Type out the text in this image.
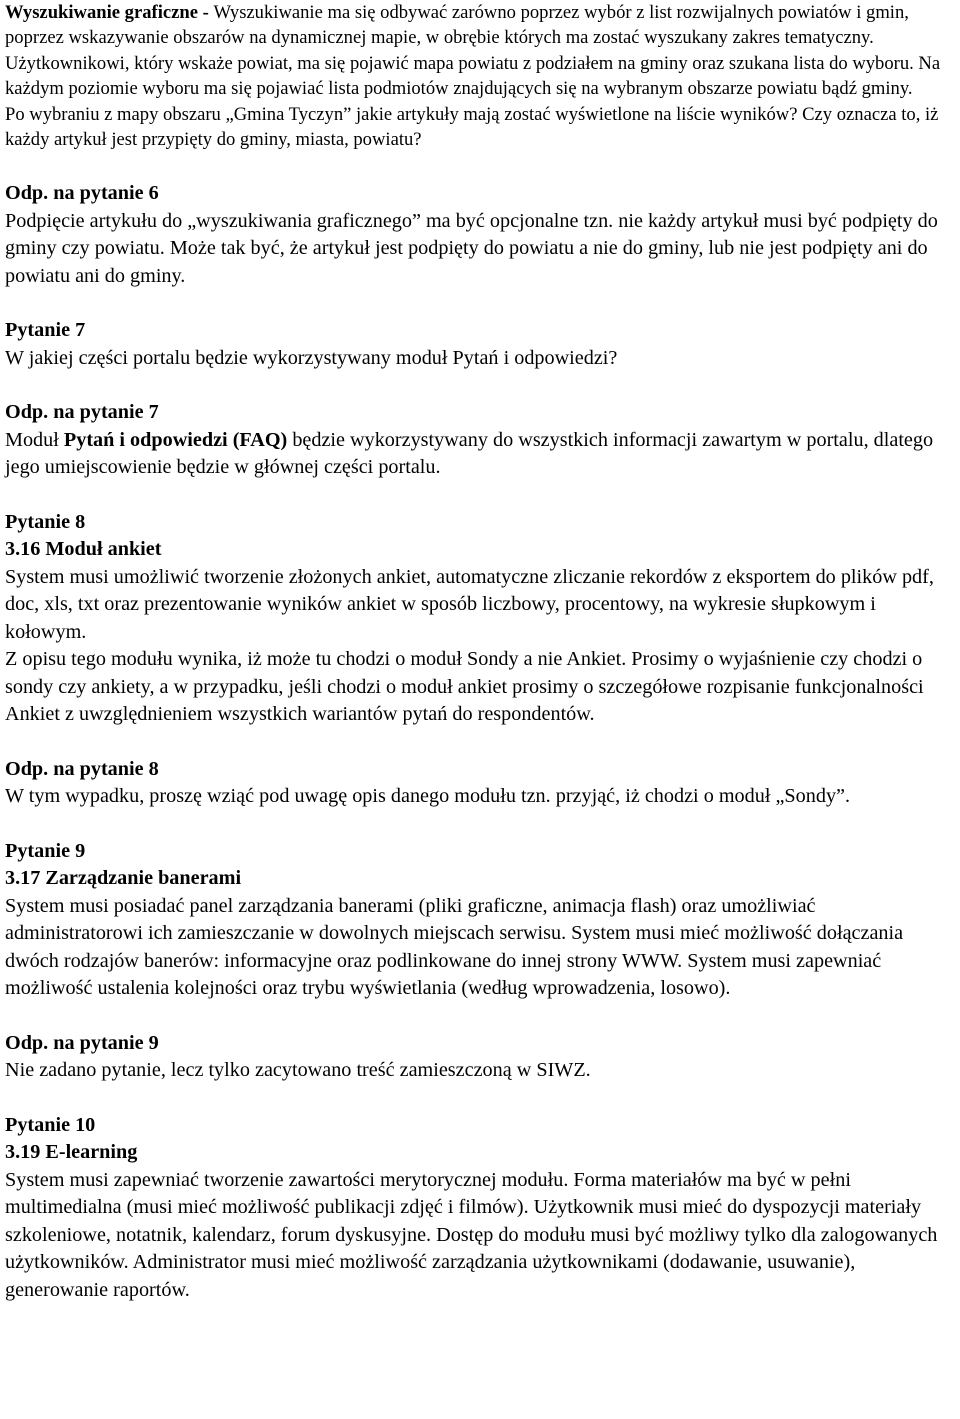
Wyszukiwanie graficzne - Wyszukiwanie ma się odbywać zarówno poprzez wybór z list rozwijalnych powiatów i gmin, poprzez wskazywanie obszarów na dynamicznej mapie, w obrębie których ma zostać wyszukany zakres tematyczny. Użytkownikowi, który wskaże powiat, ma się pojawić mapa powiatu z podziałem na gminy oraz szukana lista do wyboru. Na każdym poziomie wyboru ma się pojawiać lista podmiotów znajdujących się na wybranym obszarze powiatu bądź gminy.

Po wybraniu z mapy obszaru „Gmina Tyczyn” jakie artykuły mają zostać wyświetlone na liście wyników? Czy oznacza to, iż każdy artykuł jest przypięty do gminy, miasta, powiatu?

Odp. na pytanie 6

Podpięcie artykułu do „wyszukiwania graficznego” ma być opcjonalne tzn. nie każdy artykuł musi być podpięty do gminy czy powiatu. Może tak być, że artykuł jest podpięty do powiatu a nie do gminy, lub nie jest podpięty ani do powiatu ani do gminy.

Pytanie 7

W jakiej części portalu będzie wykorzystywany moduł Pytań i odpowiedzi?

Odp. na pytanie 7

Moduł Pytań i odpowiedzi (FAQ) będzie wykorzystywany do wszystkich informacji zawartym w portalu, dlatego jego umiejscowienie będzie w głównej części portalu.

Pytanie 8

3.16 Moduł ankiet

System musi umożliwić tworzenie złożonych ankiet, automatyczne zliczanie rekordów z eksportem do plików pdf, doc, xls, txt oraz prezentowanie wyników ankiet w sposób liczbowy, procentowy, na wykresie słupkowym i kołowym.

Z opisu tego modułu wynika, iż może tu chodzi o moduł Sondy a nie Ankiet. Prosimy o wyjaśnienie czy chodzi o sondy czy ankiety, a w przypadku, jeśli chodzi o moduł ankiet prosimy o szczegółowe rozpisanie funkcjonalności Ankiet z uwzględnieniem wszystkich wariantów pytań do respondentów.

Odp. na pytanie 8

W tym wypadku, proszę wziąć pod uwagę opis danego modułu tzn. przyjąć, iż chodzi o moduł „Sondy”.

Pytanie 9

3.17 Zarządzanie banerami

System musi posiadać panel zarządzania banerami (pliki graficzne, animacja flash) oraz umożliwiać administratorowi ich zamieszczanie w dowolnych miejscach serwisu. System musi mieć możliwość dołączania dwóch rodzajów banerów: informacyjne oraz podlinkowane do innej strony WWW. System musi zapewniać możliwość ustalenia kolejności oraz trybu wyświetlania (według wprowadzenia, losowo).

Odp. na pytanie 9

Nie zadano pytanie, lecz tylko zacytowano treść zamieszczoną w SIWZ.

Pytanie 10

3.19 E-learning

System musi zapewniać tworzenie zawartości merytorycznej modułu. Forma materiałów ma być w pełni multimedialna (musi mieć możliwość publikacji zdjęć i filmów). Użytkownik musi mieć do dyspozycji materiały szkoleniowe, notatnik, kalendarz, forum dyskusyjne. Dostęp do modułu musi być możliwy tylko dla zalogowanych użytkowników. Administrator musi mieć możliwość zarządzania użytkownikami (dodawanie, usuwanie), generowanie raportów.
